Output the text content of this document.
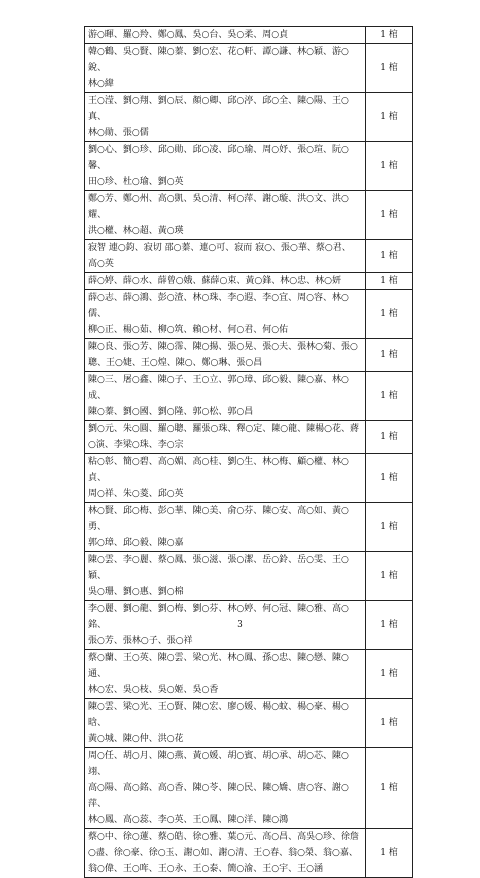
游○暉、羅○羚、鄭○鳳、吳○台、吳○柔、周○貞	1 棺

韓○鶴、吳○賢、陳○蓁、劉○宏、花○軒、譚○謙、林○穎、游○銳、
林○緯	1 棺

王○滢、劉○翔、劉○辰、顏○卿、邱○渟、邱○全、陳○陽、王○真、
林○勛、張○儒	1 棺

劉○心、劉○珍、邱○勛、邱○凌、邱○瑜、周○妤、張○瑄、阮○馨、
田○珍、杜○瑜、劉○英	1 棺

鄭○芳、鄭○州、高○凱、吳○清、柯○萍、謝○璇、洪○文、洪○耀、
洪○權、林○超、黃○瑛	1 棺

寂智 連○鈞、寂切 邵○蓁、連○可、寂而 寂○、張○華、蔡○君、
高○英	1 棺

薛○婷、薛○水、薛曾○娥、蘇薛○束、黃○鋒、林○忠、林○妍	1 棺

薛○志、薛○鴻、彭○渣、林○珠、李○遐、李○宜、周○容、林○儒、
柳○正、楊○茹、柳○筑、賴○材、何○君、何○佑	1 棺

陳○良、張○芳、陳○霈、陳○揚、張○晃、張○夫、張林○菊、張○
聰、王○婕、王○煌、陳○、鄭○琳、張○昌	1 棺

陳○三、屠○鑫、陳○子、王○立、郭○璋、邱○毅、陳○嘉、林○成、
陳○蓁、劉○國、劉○隆、郭○松、郭○昌	1 棺

劉○元、朱○圓、羅○聰、羅張○珠、釋○定、陳○龍、陳楊○花、蔣
○演、李梁○珠、李○宗	1 棺

粘○彰、簡○碧、高○媚、高○桂、劉○生、林○梅、顧○權、林○貞、
周○祥、朱○菱、邱○英	1 棺

林○賢、邱○梅、彭○華、陳○美、俞○芬、陳○安、高○如、黃○勇、
郭○璋、邱○毅、陳○嘉	1 棺

陳○雲、李○麗、蔡○鳳、張○滋、張○潔、岳○鈴、岳○雯、王○穎、
吳○珊、劉○惠、劉○棉	1 棺

李○麗、劉○龍、劉○梅、劉○芬、林○婷、何○冠、陳○雅、高○銘、
張○芳、張林○子、張○祥	1 棺

蔡○蘭、王○英、陳○雲、梁○光、林○鳳、孫○忠、陳○戀、陳○通、
林○宏、吳○枝、吳○姬、吳○香	1 棺

陳○雲、梁○光、王○賢、陳○宏、廖○媛、楊○蚊、楊○豪、楊○晗、
黃○城、陳○仲、洪○花	1 棺

周○任、胡○月、陳○燕、黃○媛、胡○賓、胡○承、胡○芯、陳○翊、
高○陽、高○銘、高○香、陳○苓、陳○民、陳○嬌、唐○容、謝○萍、
林○鳳、高○蕊、李○英、王○鳳、陳○洋、陳○鴻	1 棺

蔡○中、徐○蓮、蔡○皓、徐○雅、葉○元、高○昌、高吳○珍、徐詹
○盡、徐○豪、徐○玉、謝○如、謝○清、王○春、翁○榮、翁○嘉、
翁○偉、王○哖、王○永、王○泰、簡○渝、王○宇、王○涵	1 棺
3
